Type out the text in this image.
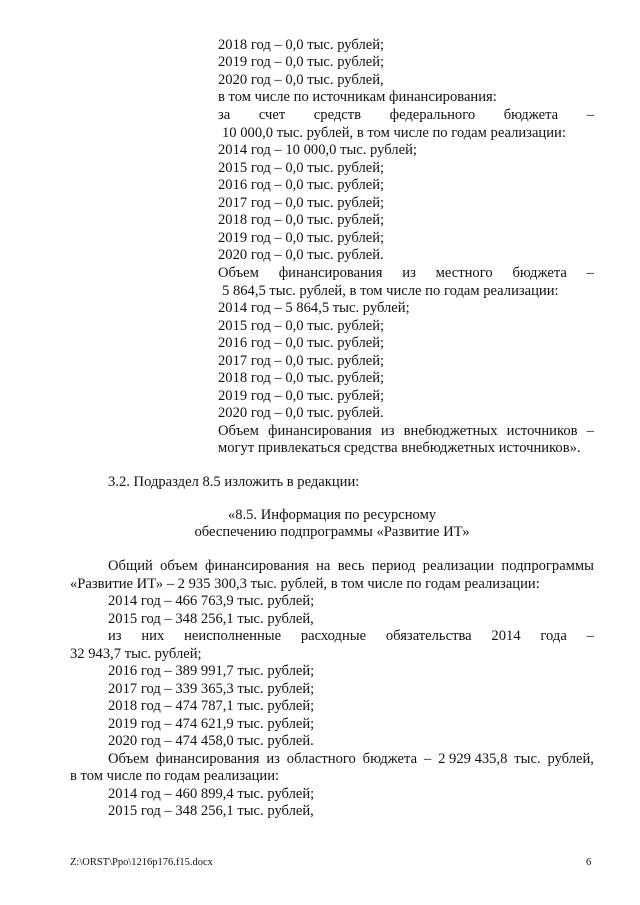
2018 год – 0,0 тыс. рублей;
2019 год – 0,0 тыс. рублей;
2020 год – 0,0 тыс. рублей,
в том числе по источникам финансирования:
за счет средств федерального бюджета –
10 000,0 тыс. рублей, в том числе по годам реализации:
2014 год – 10 000,0 тыс. рублей;
2015 год – 0,0 тыс. рублей;
2016 год – 0,0 тыс. рублей;
2017 год – 0,0 тыс. рублей;
2018 год – 0,0 тыс. рублей;
2019 год – 0,0 тыс. рублей;
2020 год – 0,0 тыс. рублей.
Объем финансирования из местного бюджета –
5 864,5 тыс. рублей, в том числе по годам реализации:
2014 год – 5 864,5 тыс. рублей;
2015 год – 0,0 тыс. рублей;
2016 год – 0,0 тыс. рублей;
2017 год – 0,0 тыс. рублей;
2018 год – 0,0 тыс. рублей;
2019 год – 0,0 тыс. рублей;
2020 год – 0,0 тыс. рублей.
Объем финансирования из внебюджетных источников –
могут привлекаться средства внебюджетных источников».
3.2. Подраздел 8.5 изложить в редакции:
«8.5. Информация по ресурсному
обеспечению подпрограммы «Развитие ИТ»
Общий объем финансирования на весь период реализации подпрограммы
«Развитие ИТ» – 2 935 300,3 тыс. рублей, в том числе по годам реализации:
2014 год – 466 763,9 тыс. рублей;
2015 год – 348 256,1 тыс. рублей,
из них неисполненные расходные обязательства 2014 года –
32 943,7 тыс. рублей;
2016 год – 389 991,7 тыс. рублей;
2017 год – 339 365,3 тыс. рублей;
2018 год – 474 787,1 тыс. рублей;
2019 год – 474 621,9 тыс. рублей;
2020 год – 474 458,0 тыс. рублей.
Объем финансирования из областного бюджета – 2 929 435,8 тыс. рублей,
в том числе по годам реализации:
2014 год – 460 899,4 тыс. рублей;
2015 год – 348 256,1 тыс. рублей,
Z:\ORST\Ppo\1216p176.f15.docx	6
